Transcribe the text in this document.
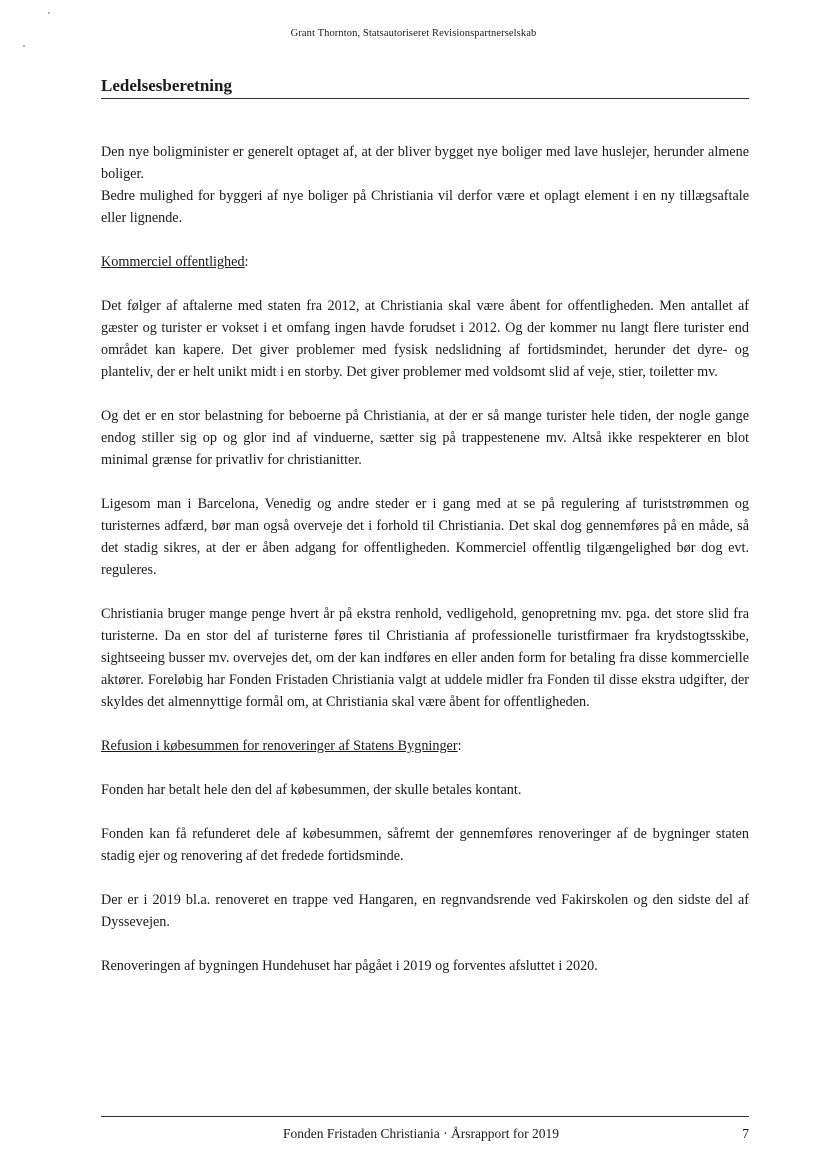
Grant Thornton, Statsautoriseret Revisionspartnerselskab
Ledelsesberetning

Den nye boligminister er generelt optaget af, at der bliver bygget nye boliger med lave huslejer, herunder almene boliger.

Bedre mulighed for byggeri af nye boliger på Christiania vil derfor være et oplagt element i en ny tillægsaftale eller lignende.

Kommerciel offentlighed:

Det følger af aftalerne med staten fra 2012, at Christiania skal være åbent for offentligheden. Men antallet af gæster og turister er vokset i et omfang ingen havde forudset i 2012. Og der kommer nu langt flere turister end området kan kapere. Det giver problemer med fysisk nedslidning af fortidsmindet, herunder det dyre- og planteliv, der er helt unikt midt i en storby. Det giver problemer med voldsomt slid af veje, stier, toiletter mv.

Og det er en stor belastning for beboerne på Christiania, at der er så mange turister hele tiden, der nogle gange endog stiller sig op og glor ind af vinduerne, sætter sig på trappestenene mv. Altså ikke respekterer en blot minimal grænse for privatliv for christianitter.

Ligesom man i Barcelona, Venedig og andre steder er i gang med at se på regulering af turiststrømmen og turisternes adfærd, bør man også overveje det i forhold til Christiania. Det skal dog gennemføres på en måde, så det stadig sikres, at der er åben adgang for offentligheden. Kommerciel offentlig tilgængelighed bør dog evt. reguleres.

Christiania bruger mange penge hvert år på ekstra renhold, vedligehold, genopretning mv. pga. det store slid fra turisterne. Da en stor del af turisterne føres til Christiania af professionelle turistfirmaer fra krydstogtsskibe, sightseeing busser mv. overvejes det, om der kan indføres en eller anden form for betaling fra disse kommercielle aktører. Foreløbig har Fonden Fristaden Christiania valgt at uddele midler fra Fonden til disse ekstra udgifter, der skyldes det almennyttige formål om, at Christiania skal være åbent for offentligheden.

Refusion i købesummen for renoveringer af Statens Bygninger:

Fonden har betalt hele den del af købesummen, der skulle betales kontant.

Fonden kan få refunderet dele af købesummen, såfremt der gennemføres renoveringer af de bygninger staten stadig ejer og renovering af det fredede fortidsminde.

Der er i 2019 bl.a. renoveret en trappe ved Hangaren, en regnvandsrende ved Fakirskolen og den sidste del af Dyssevejen.

Renoveringen af bygningen Hundehuset har pågået i 2019 og forventes afsluttet i 2020.

Fonden Fristaden Christiania · Årsrapport for 2019	7
